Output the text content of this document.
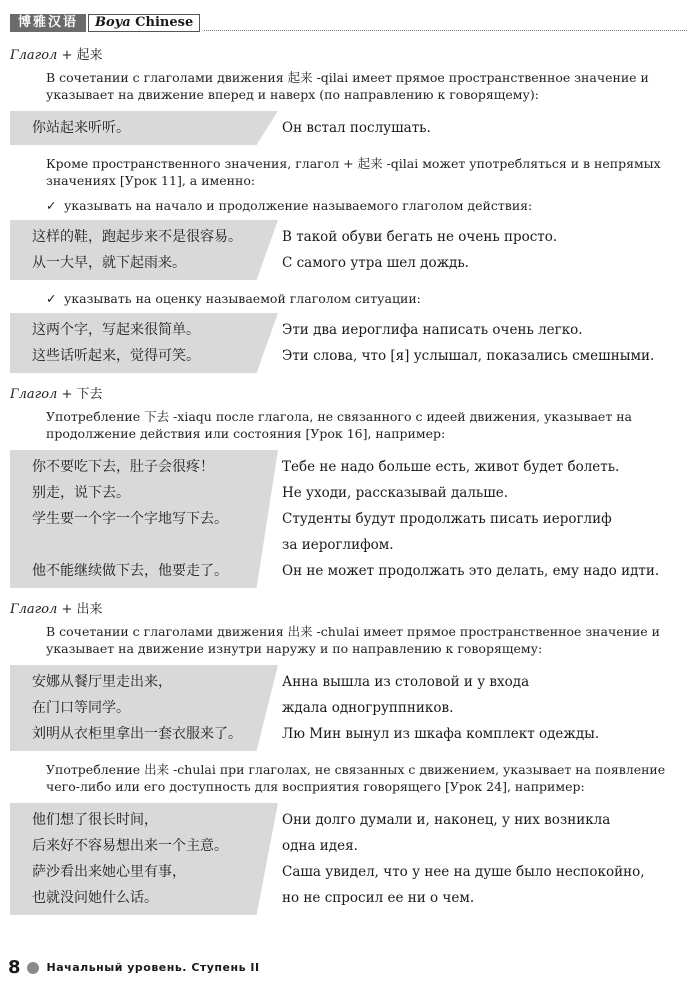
博雅汉语	Boya Chinese
Глагол + 起来
В сочетании с глаголами движения 起来 -qilai имеет прямое пространственное значение и указывает на движение вперед и наверх (по направлению к говорящему):
你站起来听听。	Он встал послушать.
Кроме пространственного значения, глагол + 起来 -qilai может употребляться и в непрямых значениях [Урок 11], а именно:
✓ указывать на начало и продолжение называемого глаголом действия:
这样的鞋，跑起步来不是很容易。
从一大早，就下起雨来。
В такой обуви бегать не очень просто.
С самого утра шел дождь.
✓ указывать на оценку называемой глаголом ситуации:
这两个字，写起来很简单。
这些话听起来，觉得可笑。
Эти два иероглифа написать очень легко.
Эти слова, что [я] услышал, показались смешными.
Глагол + 下去
Употребление 下去 -xiaqu после глагола, не связанного с идеей движения, указывает на продолжение действия или состояния [Урок 16], например:
你不要吃下去，肚子会很疼！
别走，说下去。
学生要一个字一个字地写下去。

他不能继续做下去，他要走了。
Тебе не надо больше есть, живот будет болеть.
Не уходи, рассказывай дальше.
Студенты будут продолжать писать иероглиф
за иероглифом.
Он не может продолжать это делать, ему надо идти.
Глагол + 出来
В сочетании с глаголами движения 出来 -chulai имеет прямое пространственное значение и указывает на движение изнутри наружу и по направлению к говорящему:
安娜从餐厅里走出来，
在门口等同学。
刘明从衣柜里拿出一套衣服来了。
Анна вышла из столовой и у входа
ждала одногруппников.
Лю Мин вынул из шкафа комплект одежды.
Употребление 出来 -chulai при глаголах, не связанных с движением, указывает на появление чего-либо или его доступность для восприятия говорящего [Урок 24], например:
他们想了很长时间，
后来好不容易想出来一个主意。
萨沙看出来她心里有事，
也就没问她什么话。
Они долго думали и, наконец, у них возникла
одна идея.
Саша увидел, что у нее на душе было неспокойно,
но не спросил ее ни о чем.
8 Начальный уровень. Ступень II
